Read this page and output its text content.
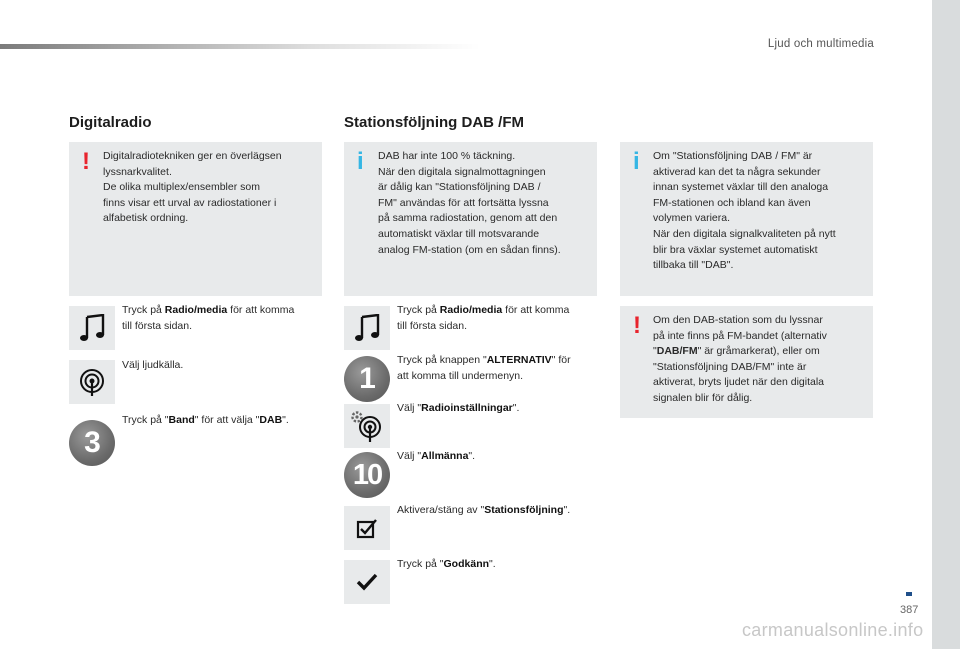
Ljud och multimedia
Digitalradio
! Digitalradiotekniken ger en överlägsen
lyssnarkvalitet.
De olika multiplex/ensembler som
finns visar ett urval av radiostationer i
alfabetisk ordning.

Tryck på Radio/media för att komma
till första sidan.
Välj ljudkälla.
3
Tryck på "Band" för att välja "DAB".
Stationsföljning DAB /FM
i DAB har inte 100 % täckning.
När den digitala signalmottagningen
är dålig kan "Stationsföljning DAB /
FM" användas för att fortsätta lyssna
på samma radiostation, genom att den
automatiskt växlar till motsvarande
analog FM-station (om en sådan finns).

Tryck på Radio/media för att komma
till första sidan.
1
Tryck på knappen "ALTERNATIV" för
att komma till undermenyn.
Välj "Radioinställningar".
10
Välj "Allmänna".
Aktivera/stäng av "Stationsföljning".
Tryck på "Godkänn".
i Om "Stationsföljning DAB / FM" är
aktiverad kan det ta några sekunder
innan systemet växlar till den analoga
FM-stationen och ibland kan även
volymen variera.
När den digitala signalkvaliteten på nytt
blir bra växlar systemet automatiskt
tillbaka till "DAB".

! Om den DAB-station som du lyssnar
på inte finns på FM-bandet (alternativ
"DAB/FM" är gråmarkerat), eller om
"Stationsföljning DAB/FM" inte är
aktiverat, bryts ljudet när den digitala
signalen blir för dålig.

387
carmanualsonline.info
